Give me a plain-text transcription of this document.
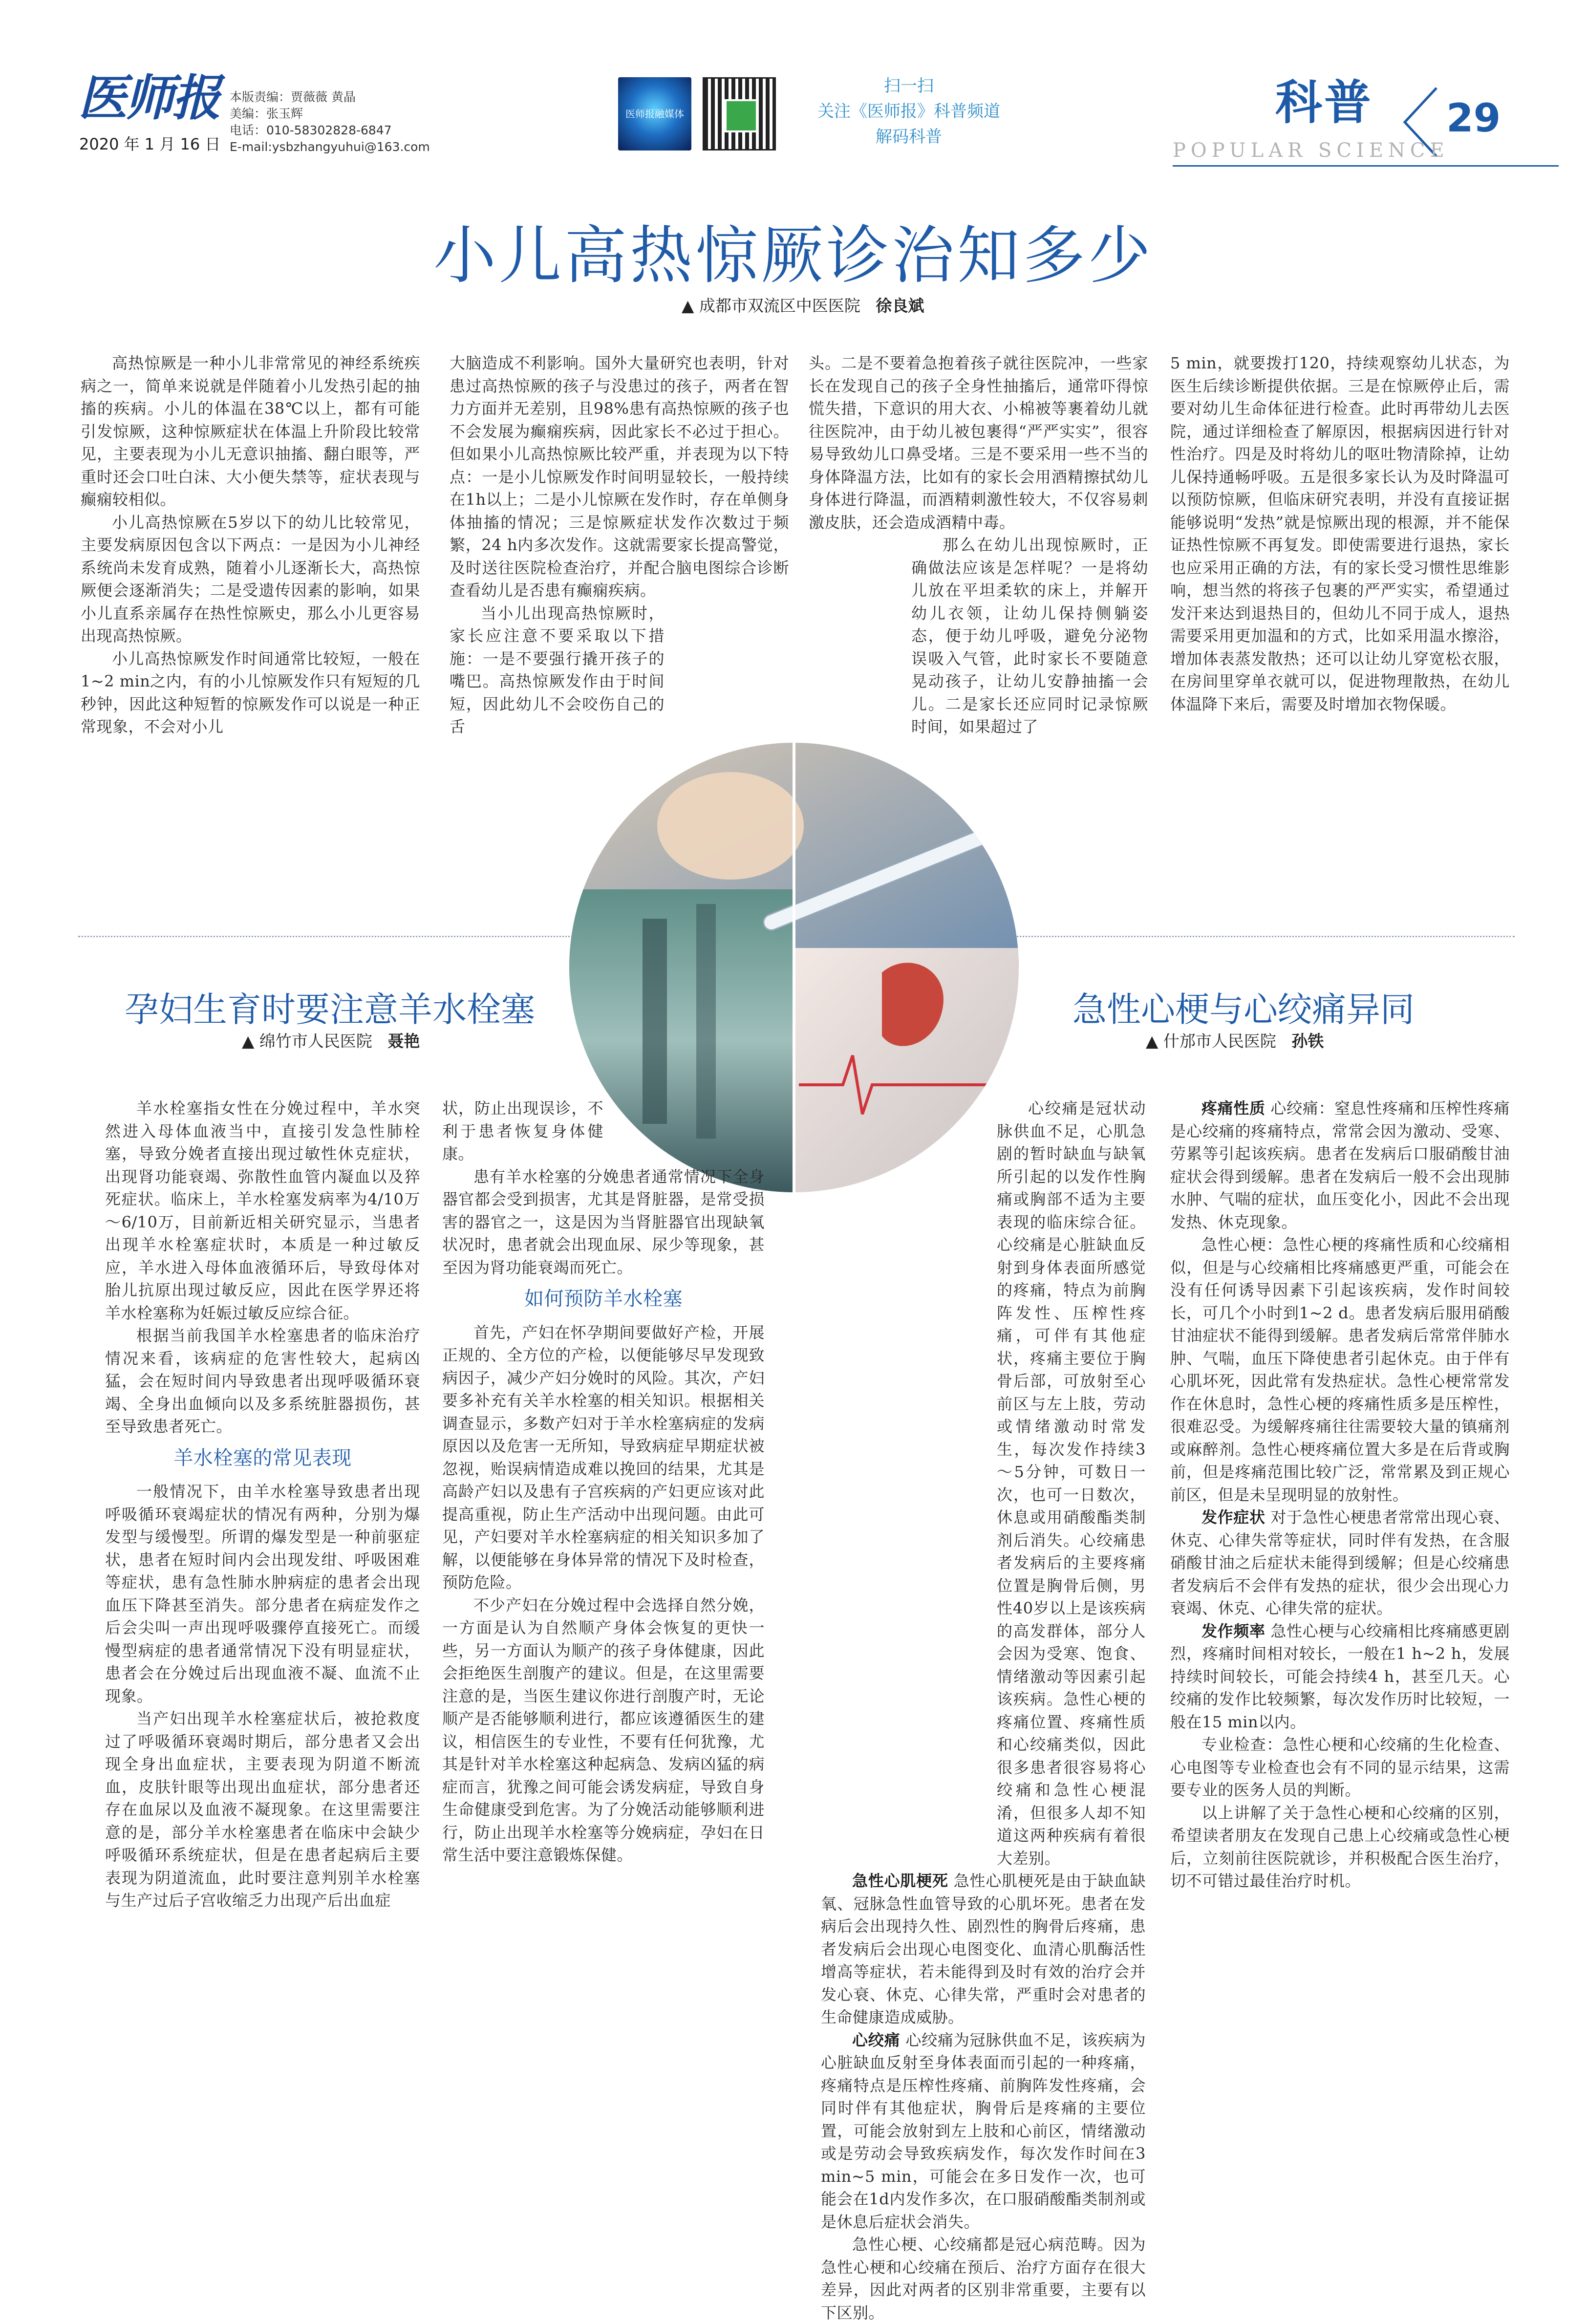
医师报
2020 年 1 月 16 日
本版责编：贾薇薇 黄晶
美编：张玉辉
电话：010-58302828-6847
E-mail:ysbzhangyuhui@163.com
医师报融媒体
扫一扫
关注《医师报》科普频道
解码科普
科普 29
POPULAR SCIENCE
小儿高热惊厥诊治知多少
▲ 成都市双流区中医医院 徐良斌

高热惊厥是一种小儿非常常见的神经系统疾病之一，简单来说就是伴随着小儿发热引起的抽搐的疾病。小儿的体温在38℃以上，都有可能引发惊厥，这种惊厥症状在体温上升阶段比较常见，主要表现为小儿无意识抽搐、翻白眼等，严重时还会口吐白沫、大小便失禁等，症状表现与癫痫较相似。

小儿高热惊厥在5岁以下的幼儿比较常见，主要发病原因包含以下两点：一是因为小儿神经系统尚未发育成熟，随着小儿逐渐长大，高热惊厥便会逐渐消失；二是受遗传因素的影响，如果小儿直系亲属存在热性惊厥史，那么小儿更容易出现高热惊厥。

小儿高热惊厥发作时间通常比较短，一般在1~2 min之内，有的小儿惊厥发作只有短短的几秒钟，因此这种短暂的惊厥发作可以说是一种正常现象，不会对小儿

大脑造成不利影响。国外大量研究也表明，针对患过高热惊厥的孩子与没患过的孩子，两者在智力方面并无差别，且98%患有高热惊厥的孩子也不会发展为癫痫疾病，因此家长不必过于担心。但如果小儿高热惊厥比较严重，并表现为以下特点：一是小儿惊厥发作时间明显较长，一般持续在1h以上；二是小儿惊厥在发作时，存在单侧身体抽搐的情况；三是惊厥症状发作次数过于频繁，24 h内多次发作。这就需要家长提高警觉，及时送往医院检查治疗，并配合脑电图综合诊断查看幼儿是否患有癫痫疾病。

当小儿出现高热惊厥时，家长应注意不要采取以下措施：一是不要强行撬开孩子的嘴巴。高热惊厥发作由于时间短，因此幼儿不会咬伤自己的舌

头。二是不要着急抱着孩子就往医院冲，一些家长在发现自己的孩子全身性抽搐后，通常吓得惊慌失措，下意识的用大衣、小棉被等裹着幼儿就往医院冲，由于幼儿被包裹得“严严实实”，很容易导致幼儿口鼻受堵。三是不要采用一些不当的身体降温方法，比如有的家长会用酒精擦拭幼儿身体进行降温，而酒精刺激性较大，不仅容易刺激皮肤，还会造成酒精中毒。

那么在幼儿出现惊厥时，正确做法应该是怎样呢？一是将幼儿放在平坦柔软的床上，并解开幼儿衣领，让幼儿保持侧躺姿态，便于幼儿呼吸，避免分泌物误吸入气管，此时家长不要随意晃动孩子，让幼儿安静抽搐一会儿。二是家长还应同时记录惊厥时间，如果超过了

5 min，就要拨打120，持续观察幼儿状态，为医生后续诊断提供依据。三是在惊厥停止后，需要对幼儿生命体征进行检查。此时再带幼儿去医院，通过详细检查了解原因，根据病因进行针对性治疗。四是及时将幼儿的呕吐物清除掉，让幼儿保持通畅呼吸。五是很多家长认为及时降温可以预防惊厥，但临床研究表明，并没有直接证据能够说明“发热”就是惊厥出现的根源，并不能保证热性惊厥不再复发。即使需要进行退热，家长也应采用正确的方法，有的家长受习惯性思维影响，想当然的将孩子包裹的严严实实，希望通过发汗来达到退热目的，但幼儿不同于成人，退热需要采用更加温和的方式，比如采用温水擦浴，增加体表蒸发散热；还可以让幼儿穿宽松衣服，在房间里穿单衣就可以，促进物理散热，在幼儿体温降下来后，需要及时增加衣物保暖。

孕妇生育时要注意羊水栓塞
▲ 绵竹市人民医院 聂艳

羊水栓塞指女性在分娩过程中，羊水突然进入母体血液当中，直接引发急性肺栓塞，导致分娩者直接出现过敏性休克症状，出现肾功能衰竭、弥散性血管内凝血以及猝死症状。临床上，羊水栓塞发病率为4/10万～6/10万，目前新近相关研究显示，当患者出现羊水栓塞症状时，本质是一种过敏反应，羊水进入母体血液循环后，导致母体对胎儿抗原出现过敏反应，因此在医学界还将羊水栓塞称为妊娠过敏反应综合征。

根据当前我国羊水栓塞患者的临床治疗情况来看，该病症的危害性较大，起病凶猛，会在短时间内导致患者出现呼吸循环衰竭、全身出血倾向以及多系统脏器损伤，甚至导致患者死亡。

羊水栓塞的常见表现

一般情况下，由羊水栓塞导致患者出现呼吸循环衰竭症状的情况有两种，分别为爆发型与缓慢型。所谓的爆发型是一种前驱症状，患者在短时间内会出现发绀、呼吸困难等症状，患有急性肺水肿病症的患者会出现血压下降甚至消失。部分患者在病症发作之后会尖叫一声出现呼吸骤停直接死亡。而缓慢型病症的患者通常情况下没有明显症状，患者会在分娩过后出现血液不凝、血流不止现象。

当产妇出现羊水栓塞症状后，被抢救度过了呼吸循环衰竭时期后，部分患者又会出现全身出血症状，主要表现为阴道不断流血，皮肤针眼等出现出血症状，部分患者还存在血尿以及血液不凝现象。在这里需要注意的是，部分羊水栓塞患者在临床中会缺少呼吸循环系统症状，但是在患者起病后主要表现为阴道流血，此时要注意判别羊水栓塞与生产过后子宫收缩乏力出现产后出血症

状，防止出现误诊，不利于患者恢复身体健康。

患有羊水栓塞的分娩患者通常情况下全身器官都会受到损害，尤其是肾脏器，是常受损害的器官之一，这是因为当肾脏器官出现缺氧状况时，患者就会出现血尿、尿少等现象，甚至因为肾功能衰竭而死亡。

如何预防羊水栓塞

首先，产妇在怀孕期间要做好产检，开展正规的、全方位的产检，以便能够尽早发现致病因子，减少产妇分娩时的风险。其次，产妇要多补充有关羊水栓塞的相关知识。根据相关调查显示，多数产妇对于羊水栓塞病症的发病原因以及危害一无所知，导致病症早期症状被忽视，贻误病情造成难以挽回的结果，尤其是高龄产妇以及患有子宫疾病的产妇更应该对此提高重视，防止生产活动中出现问题。由此可见，产妇要对羊水栓塞病症的相关知识多加了解，以便能够在身体异常的情况下及时检查，预防危险。

不少产妇在分娩过程中会选择自然分娩，一方面是认为自然顺产身体会恢复的更快一些，另一方面认为顺产的孩子身体健康，因此会拒绝医生剖腹产的建议。但是，在这里需要注意的是，当医生建议你进行剖腹产时，无论顺产是否能够顺利进行，都应该遵循医生的建议，相信医生的专业性，不要有任何犹豫，尤其是针对羊水栓塞这种起病急、发病凶猛的病症而言，犹豫之间可能会诱发病症，导致自身生命健康受到危害。为了分娩活动能够顺利进行，防止出现羊水栓塞等分娩病症，孕妇在日常生活中要注意锻炼保健。

急性心梗与心绞痛异同
▲ 什邡市人民医院 孙铁

心绞痛是冠状动脉供血不足，心肌急剧的暂时缺血与缺氧所引起的以发作性胸痛或胸部不适为主要表现的临床综合征。心绞痛是心脏缺血反射到身体表面所感觉的疼痛，特点为前胸阵发性、压榨性疼痛，可伴有其他症状，疼痛主要位于胸骨后部，可放射至心前区与左上肢，劳动或情绪激动时常发生，每次发作持续3～5分钟，可数日一次，也可一日数次，休息或用硝酸酯类制剂后消失。心绞痛患者发病后的主要疼痛位置是胸骨后侧，男性40岁以上是该疾病的高发群体，部分人会因为受寒、饱食、情绪激动等因素引起该疾病。急性心梗的疼痛位置、疼痛性质和心绞痛类似，因此很多患者很容易将心绞痛和急性心梗混淆，但很多人却不知道这两种疾病有着很大差别。

急性心肌梗死 急性心肌梗死是由于缺血缺氧、冠脉急性血管导致的心肌坏死。患者在发病后会出现持久性、剧烈性的胸骨后疼痛，患者发病后会出现心电图变化、血清心肌酶活性增高等症状，若未能得到及时有效的治疗会并发心衰、休克、心律失常，严重时会对患者的生命健康造成威胁。

心绞痛 心绞痛为冠脉供血不足，该疾病为心脏缺血反射至身体表面而引起的一种疼痛，疼痛特点是压榨性疼痛、前胸阵发性疼痛，会同时伴有其他症状，胸骨后是疼痛的主要位置，可能会放射到左上肢和心前区，情绪激动或是劳动会导致疾病发作，每次发作时间在3 min~5 min，可能会在多日发作一次，也可能会在1d内发作多次，在口服硝酸酯类制剂或是休息后症状会消失。

急性心梗、心绞痛都是冠心病范畴。因为急性心梗和心绞痛在预后、治疗方面存在很大差异，因此对两者的区别非常重要，主要有以下区别。

疼痛性质 心绞痛：窒息性疼痛和压榨性疼痛是心绞痛的疼痛特点，常常会因为激动、受寒、劳累等引起该疾病。患者在发病后口服硝酸甘油症状会得到缓解。患者在发病后一般不会出现肺水肿、气喘的症状，血压变化小，因此不会出现发热、休克现象。

急性心梗：急性心梗的疼痛性质和心绞痛相似，但是与心绞痛相比疼痛感更严重，可能会在没有任何诱导因素下引起该疾病，发作时间较长，可几个小时到1~2 d。患者发病后服用硝酸甘油症状不能得到缓解。患者发病后常常伴肺水肿、气喘，血压下降使患者引起休克。由于伴有心肌坏死，因此常有发热症状。急性心梗常常发作在休息时，急性心梗的疼痛性质多是压榨性，很难忍受。为缓解疼痛往往需要较大量的镇痛剂或麻醉剂。急性心梗疼痛位置大多是在后背或胸前，但是疼痛范围比较广泛，常常累及到正规心前区，但是未呈现明显的放射性。

发作症状 对于急性心梗患者常常出现心衰、休克、心律失常等症状，同时伴有发热，在含服硝酸甘油之后症状未能得到缓解；但是心绞痛患者发病后不会伴有发热的症状，很少会出现心力衰竭、休克、心律失常的症状。

发作频率 急性心梗与心绞痛相比疼痛感更剧烈，疼痛时间相对较长，一般在1 h~2 h，发展持续时间较长，可能会持续4 h，甚至几天。心绞痛的发作比较频繁，每次发作历时比较短，一般在15 min以内。

专业检查：急性心梗和心绞痛的生化检查、心电图等专业检查也会有不同的显示结果，这需要专业的医务人员的判断。

以上讲解了关于急性心梗和心绞痛的区别，希望读者朋友在发现自己患上心绞痛或急性心梗后，立刻前往医院就诊，并积极配合医生治疗，切不可错过最佳治疗时机。
